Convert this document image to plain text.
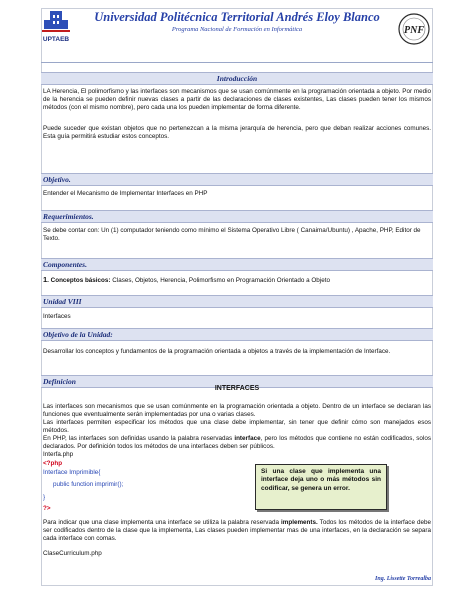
UPTAEB
Universidad Politécnica Territorial Andrés Eloy Blanco
Programa Nacional de Formación en Informática	PNF
Introducción

LA Herencia, El polimorfismo y las interfaces son mecanismos que se usan comúnmente en la programación orientada a objeto. Por medio de la herencia se pueden definir nuevas clases a partir de las declaraciones de clases existentes, Las clases pueden tener los mismos métodos (con el mismo nombre), pero cada una los pueden implementar de forma diferente.

Puede suceder que existan objetos que no pertenezcan a la misma jerarquía de herencia, pero que deban realizar acciones comunes. Esta guía permitirá estudiar estos conceptos.

Objetivo.

Entender el Mecanismo de Implementar Interfaces en PHP

Requerimientos.

Se debe contar con: Un (1) computador teniendo como mínimo el Sistema Operativo Libre ( Canaima/Ubuntu) , Apache, PHP, Editor de Texto.

Componentes.

1. Conceptos básicos: Clases, Objetos, Herencia, Polimorfismo en Programación Orientado a Objeto

Unidad VIII

Interfaces

Objetivo de la Unidad:

Desarrollar los conceptos y fundamentos de la programación orientada a objetos a través de la implementación de Interface.

Definicion
INTERFACES

Las interfaces son mecanismos que se usan comúnmente en la programación orientada a objeto. Dentro de un interface se declaran las funciones que eventualmente serán implementadas por una o varias clases.

Las interfaces permiten especificar los métodos que una clase debe implementar, sin tener que definir cómo son manejados esos métodos.

En PHP, las interfaces son definidas usando la palabra reservadas interface, pero los métodos que contiene no están codificados, solos declarados. Por definición todos los métodos de una interfaces deben ser públicos.

Interfa.php

<?php
Interface Imprimible{
public function imprimir();
}
?>
Si una clase que implementa una interface deja uno o más métodos sin codificar, se genera un error.

Para indicar que una clase implementa una interface se utiliza la palabra reservada implements. Todos los métodos de la interface debe ser codificados dentro de la clase que la implementa, Las clases pueden implementar mas de una interfaces, en la declaración se separa cada interface con comas.

ClaseCurriculum.php

Ing. Lissette Torrealba
